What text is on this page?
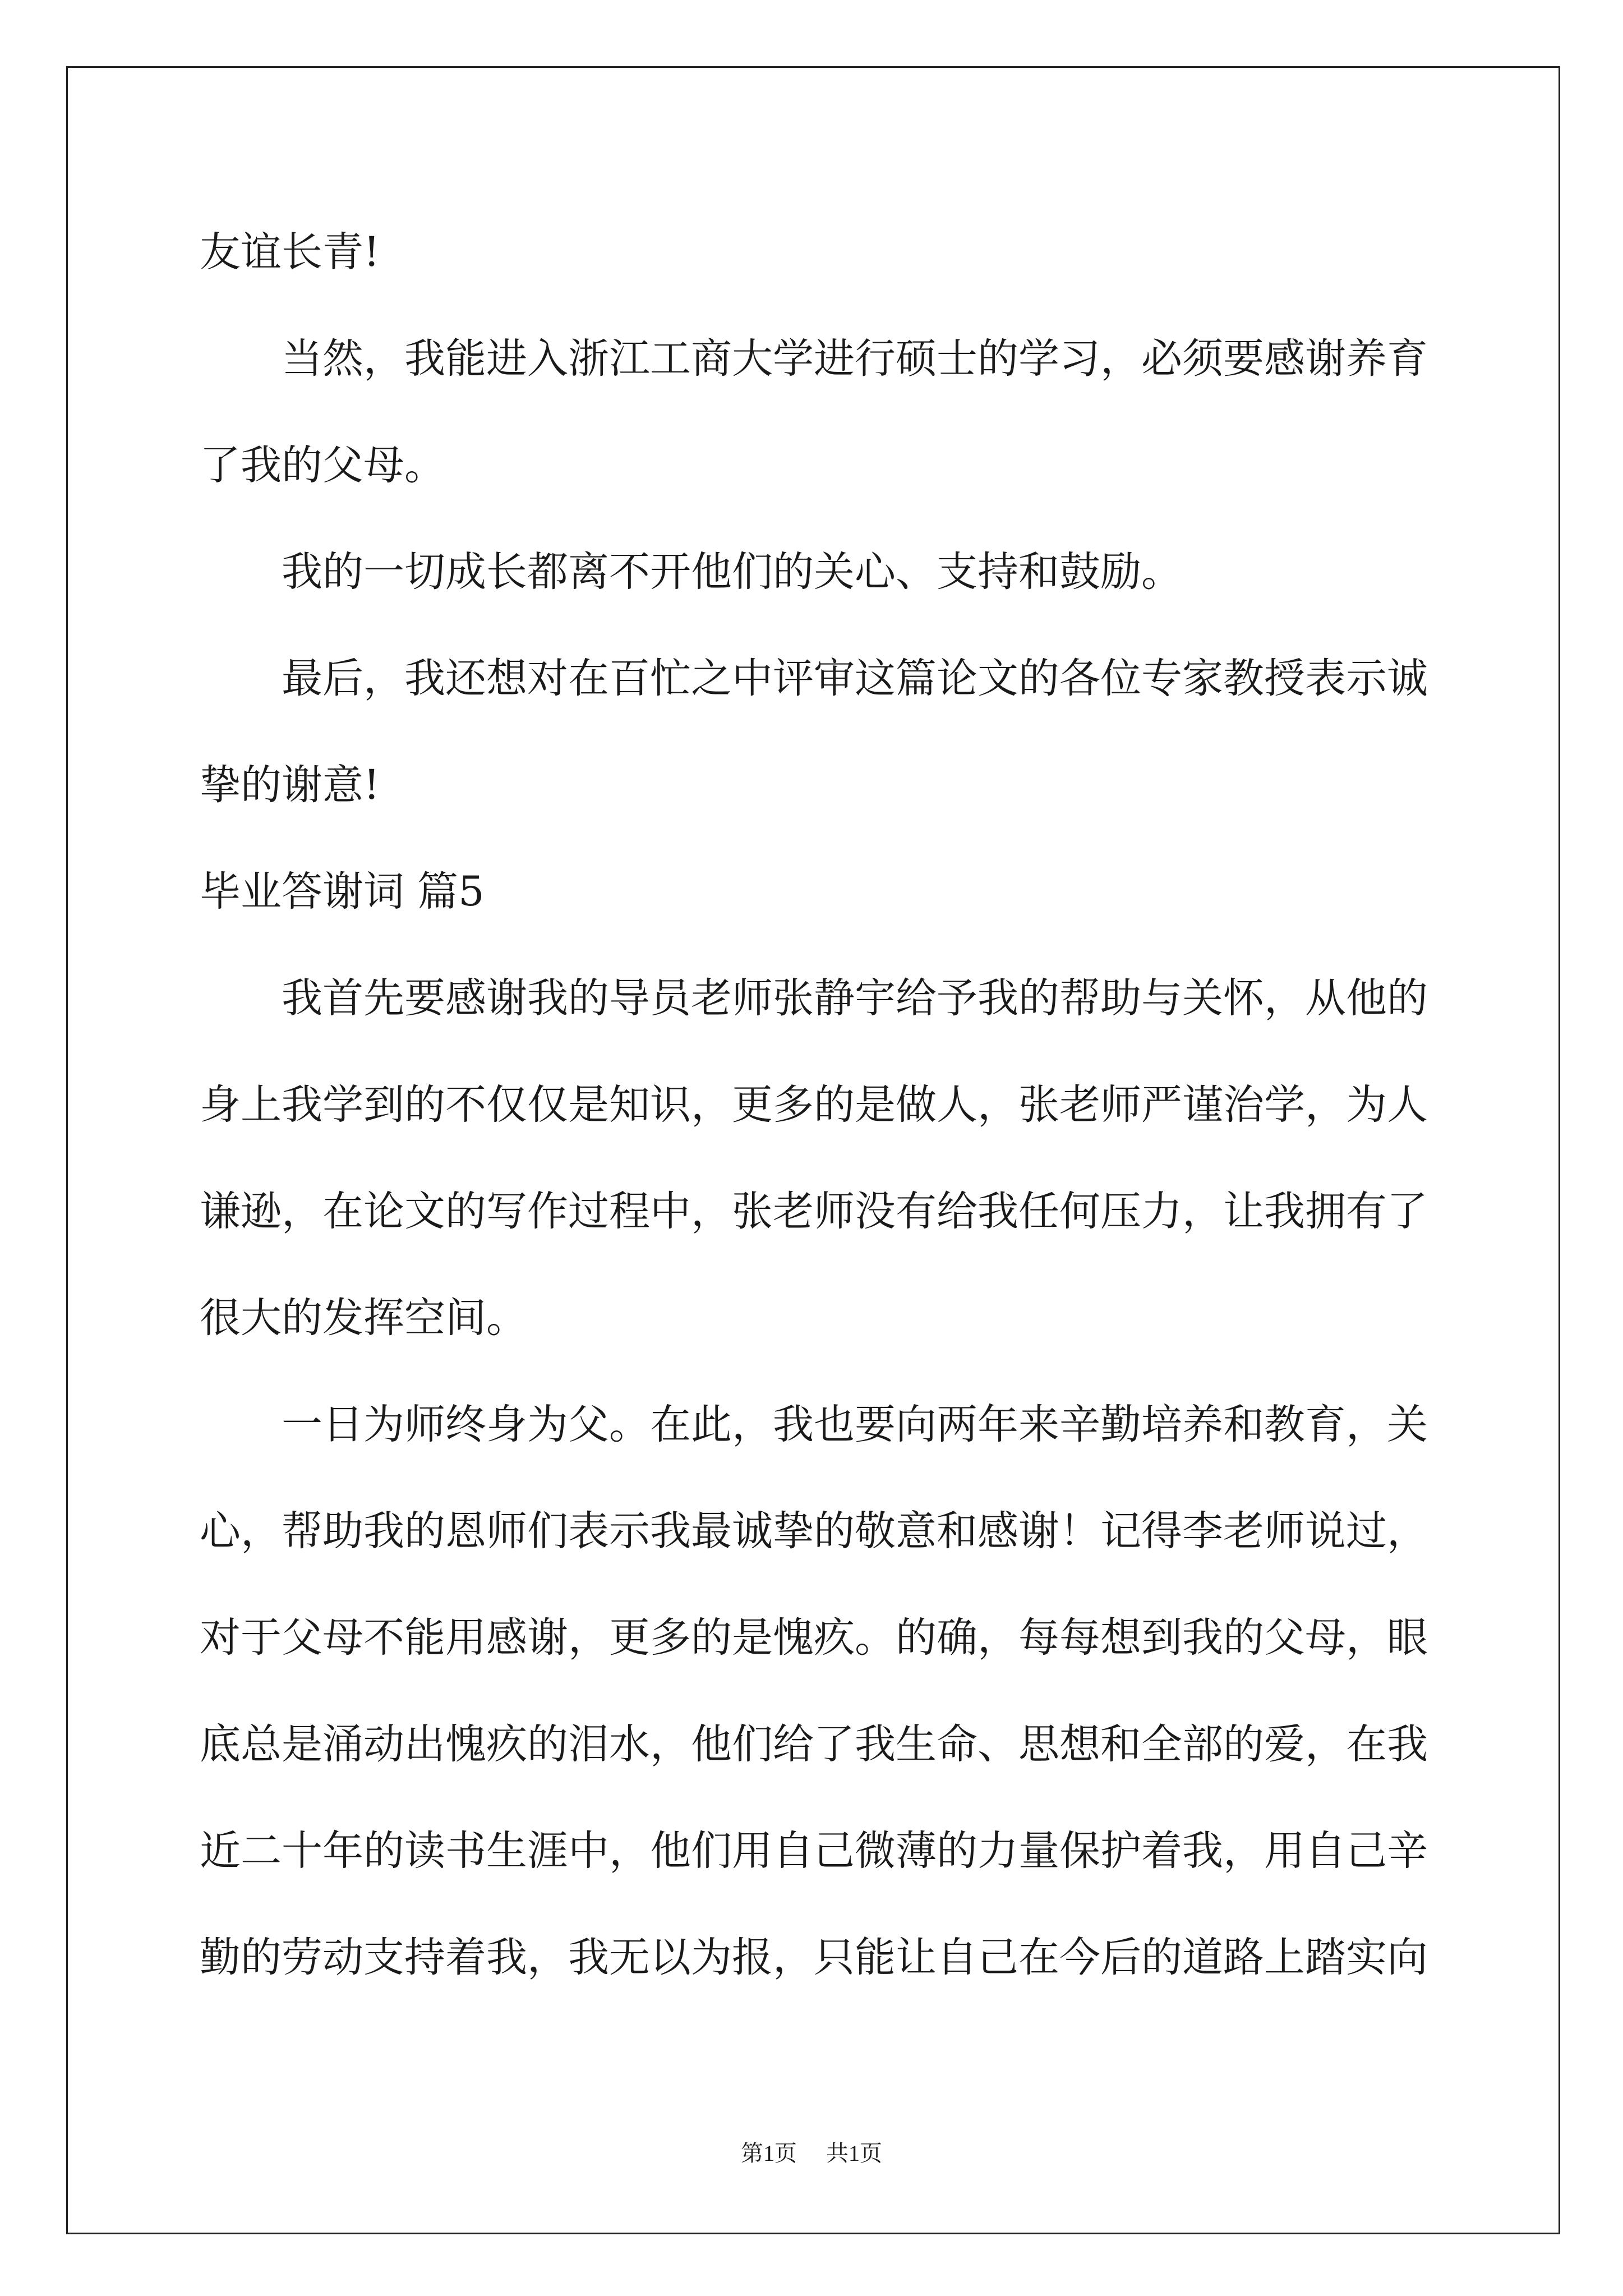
友谊长青!
当然，我能进入浙江工商大学进行硕士的学习，必须要感谢养育
了我的父母。
我的一切成长都离不开他们的关心、支持和鼓励。
最后，我还想对在百忙之中评审这篇论文的各位专家教授表示诚
挚的谢意!
毕业答谢词 篇5
我首先要感谢我的导员老师张静宇给予我的帮助与关怀，从他的
身上我学到的不仅仅是知识，更多的是做人，张老师严谨治学，为人
谦逊，在论文的写作过程中，张老师没有给我任何压力，让我拥有了
很大的发挥空间。
一日为师终身为父。在此，我也要向两年来辛勤培养和教育，关
心，帮助我的恩师们表示我最诚挚的敬意和感谢！记得李老师说过，
对于父母不能用感谢，更多的是愧疚。的确，每每想到我的父母，眼
底总是涌动出愧疚的泪水，他们给了我生命、思想和全部的爱，在我
近二十年的读书生涯中，他们用自己微薄的力量保护着我，用自己辛
勤的劳动支持着我，我无以为报，只能让自己在今后的道路上踏实向
第1页 共1页
